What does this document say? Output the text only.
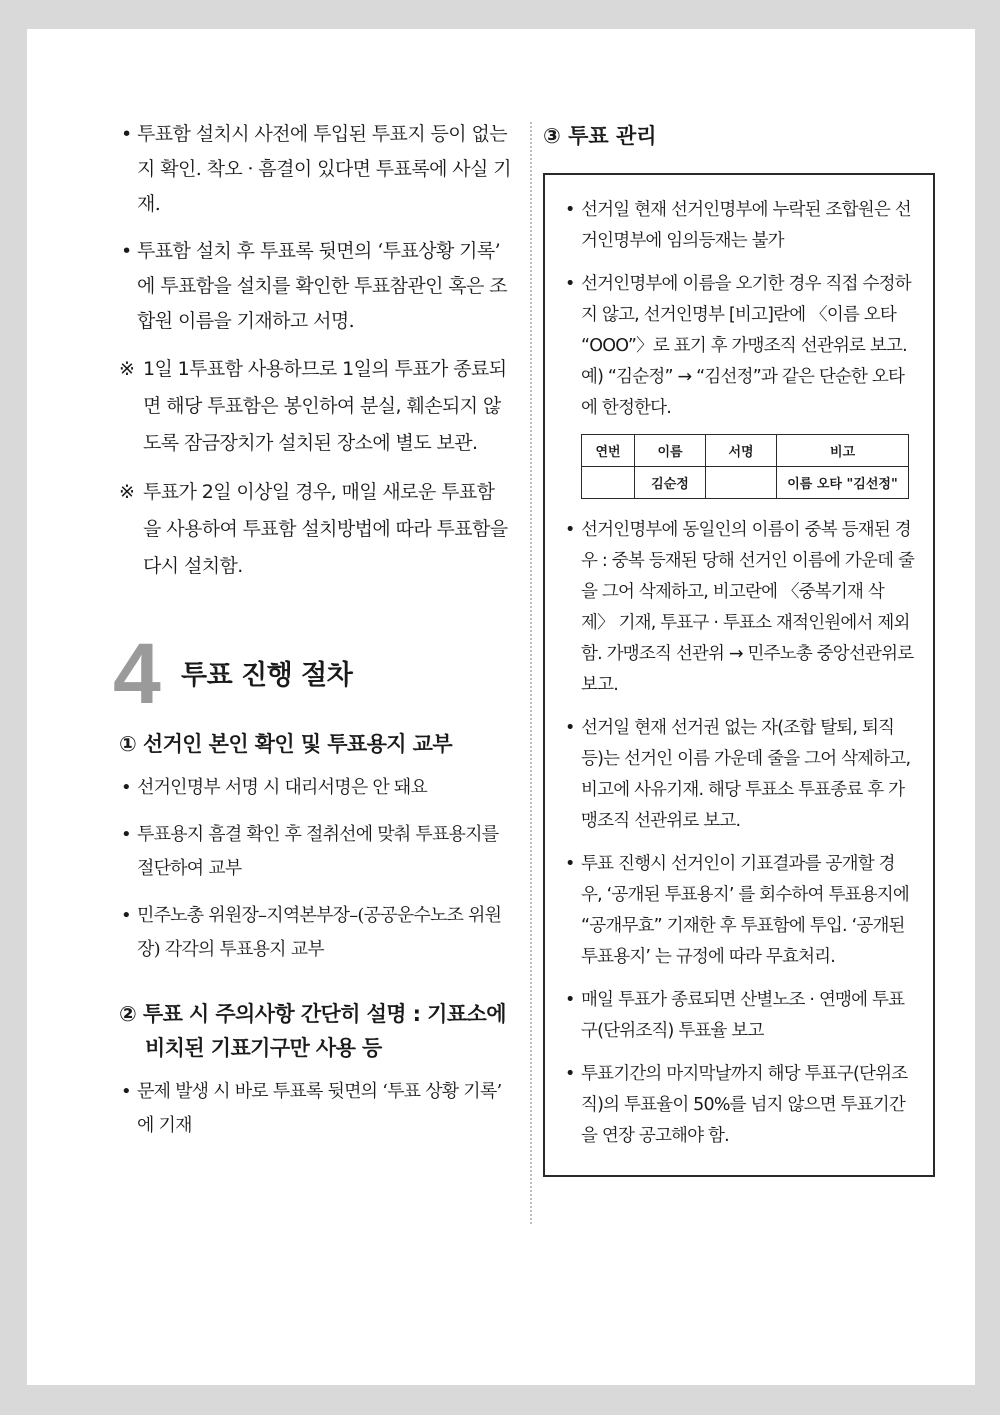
• 투표함 설치시 사전에 투입된 투표지 등이 없는지 확인. 착오 · 흠결이 있다면 투표록에 사실 기재.
• 투표함 설치 후 투표록 뒷면의 ‘투표상황 기록’ 에 투표함을 설치를 확인한 투표참관인 혹은 조합원 이름을 기재하고 서명.
※ 1일 1투표함 사용하므로 1일의 투표가 종료되면 해당 투표함은 봉인하여 분실, 훼손되지 않도록 잠금장치가 설치된 장소에 별도 보관.
※ 투표가 2일 이상일 경우, 매일 새로운 투표함을 사용하여 투표함 설치방법에 따라 투표함을 다시 설치함.
4 투표 진행 절차
① 선거인 본인 확인 및 투표용지 교부
• 선거인명부 서명 시 대리서명은 안 돼요
• 투표용지 흠결 확인 후 절취선에 맞춰 투표용지를 절단하여 교부
• 민주노총 위원장–지역본부장–(공공운수노조 위원장) 각각의 투표용지 교부
② 투표 시 주의사항 간단히 설명 : 기표소에 비치된 기표기구만 사용 등
• 문제 발생 시 바로 투표록 뒷면의 ‘투표 상황 기록’ 에 기재
③ 투표 관리
• 선거일 현재 선거인명부에 누락된 조합원은 선거인명부에 임의등재는 불가
• 선거인명부에 이름을 오기한 경우 직접 수정하지 않고, 선거인명부 [비고]란에 〈이름 오타 “OOO”〉로 표기 후 가맹조직 선관위로 보고. 예) “김순정” → “김선정”과 같은 단순한 오타에 한정한다.
연번	이름	서명	비고
	김순정		이름 오타 "김선정"
• 선거인명부에 동일인의 이름이 중복 등재된 경우 : 중복 등재된 당해 선거인 이름에 가운데 줄을 그어 삭제하고, 비고란에 〈중복기재 삭제〉 기재, 투표구 · 투표소 재적인원에서 제외함. 가맹조직 선관위 → 민주노총 중앙선관위로 보고.
• 선거일 현재 선거권 없는 자(조합 탈퇴, 퇴직 등)는 선거인 이름 가운데 줄을 그어 삭제하고, 비고에 사유기재. 해당 투표소 투표종료 후 가맹조직 선관위로 보고.
• 투표 진행시 선거인이 기표결과를 공개할 경우, ‘공개된 투표용지’ 를 회수하여 투표용지에 “공개무효” 기재한 후 투표함에 투입. ‘공개된 투표용지’ 는 규정에 따라 무효처리.
• 매일 투표가 종료되면 산별노조 · 연맹에 투표구(단위조직) 투표율 보고
• 투표기간의 마지막날까지 해당 투표구(단위조직)의 투표율이 50%를 넘지 않으면 투표기간을 연장 공고해야 함.
